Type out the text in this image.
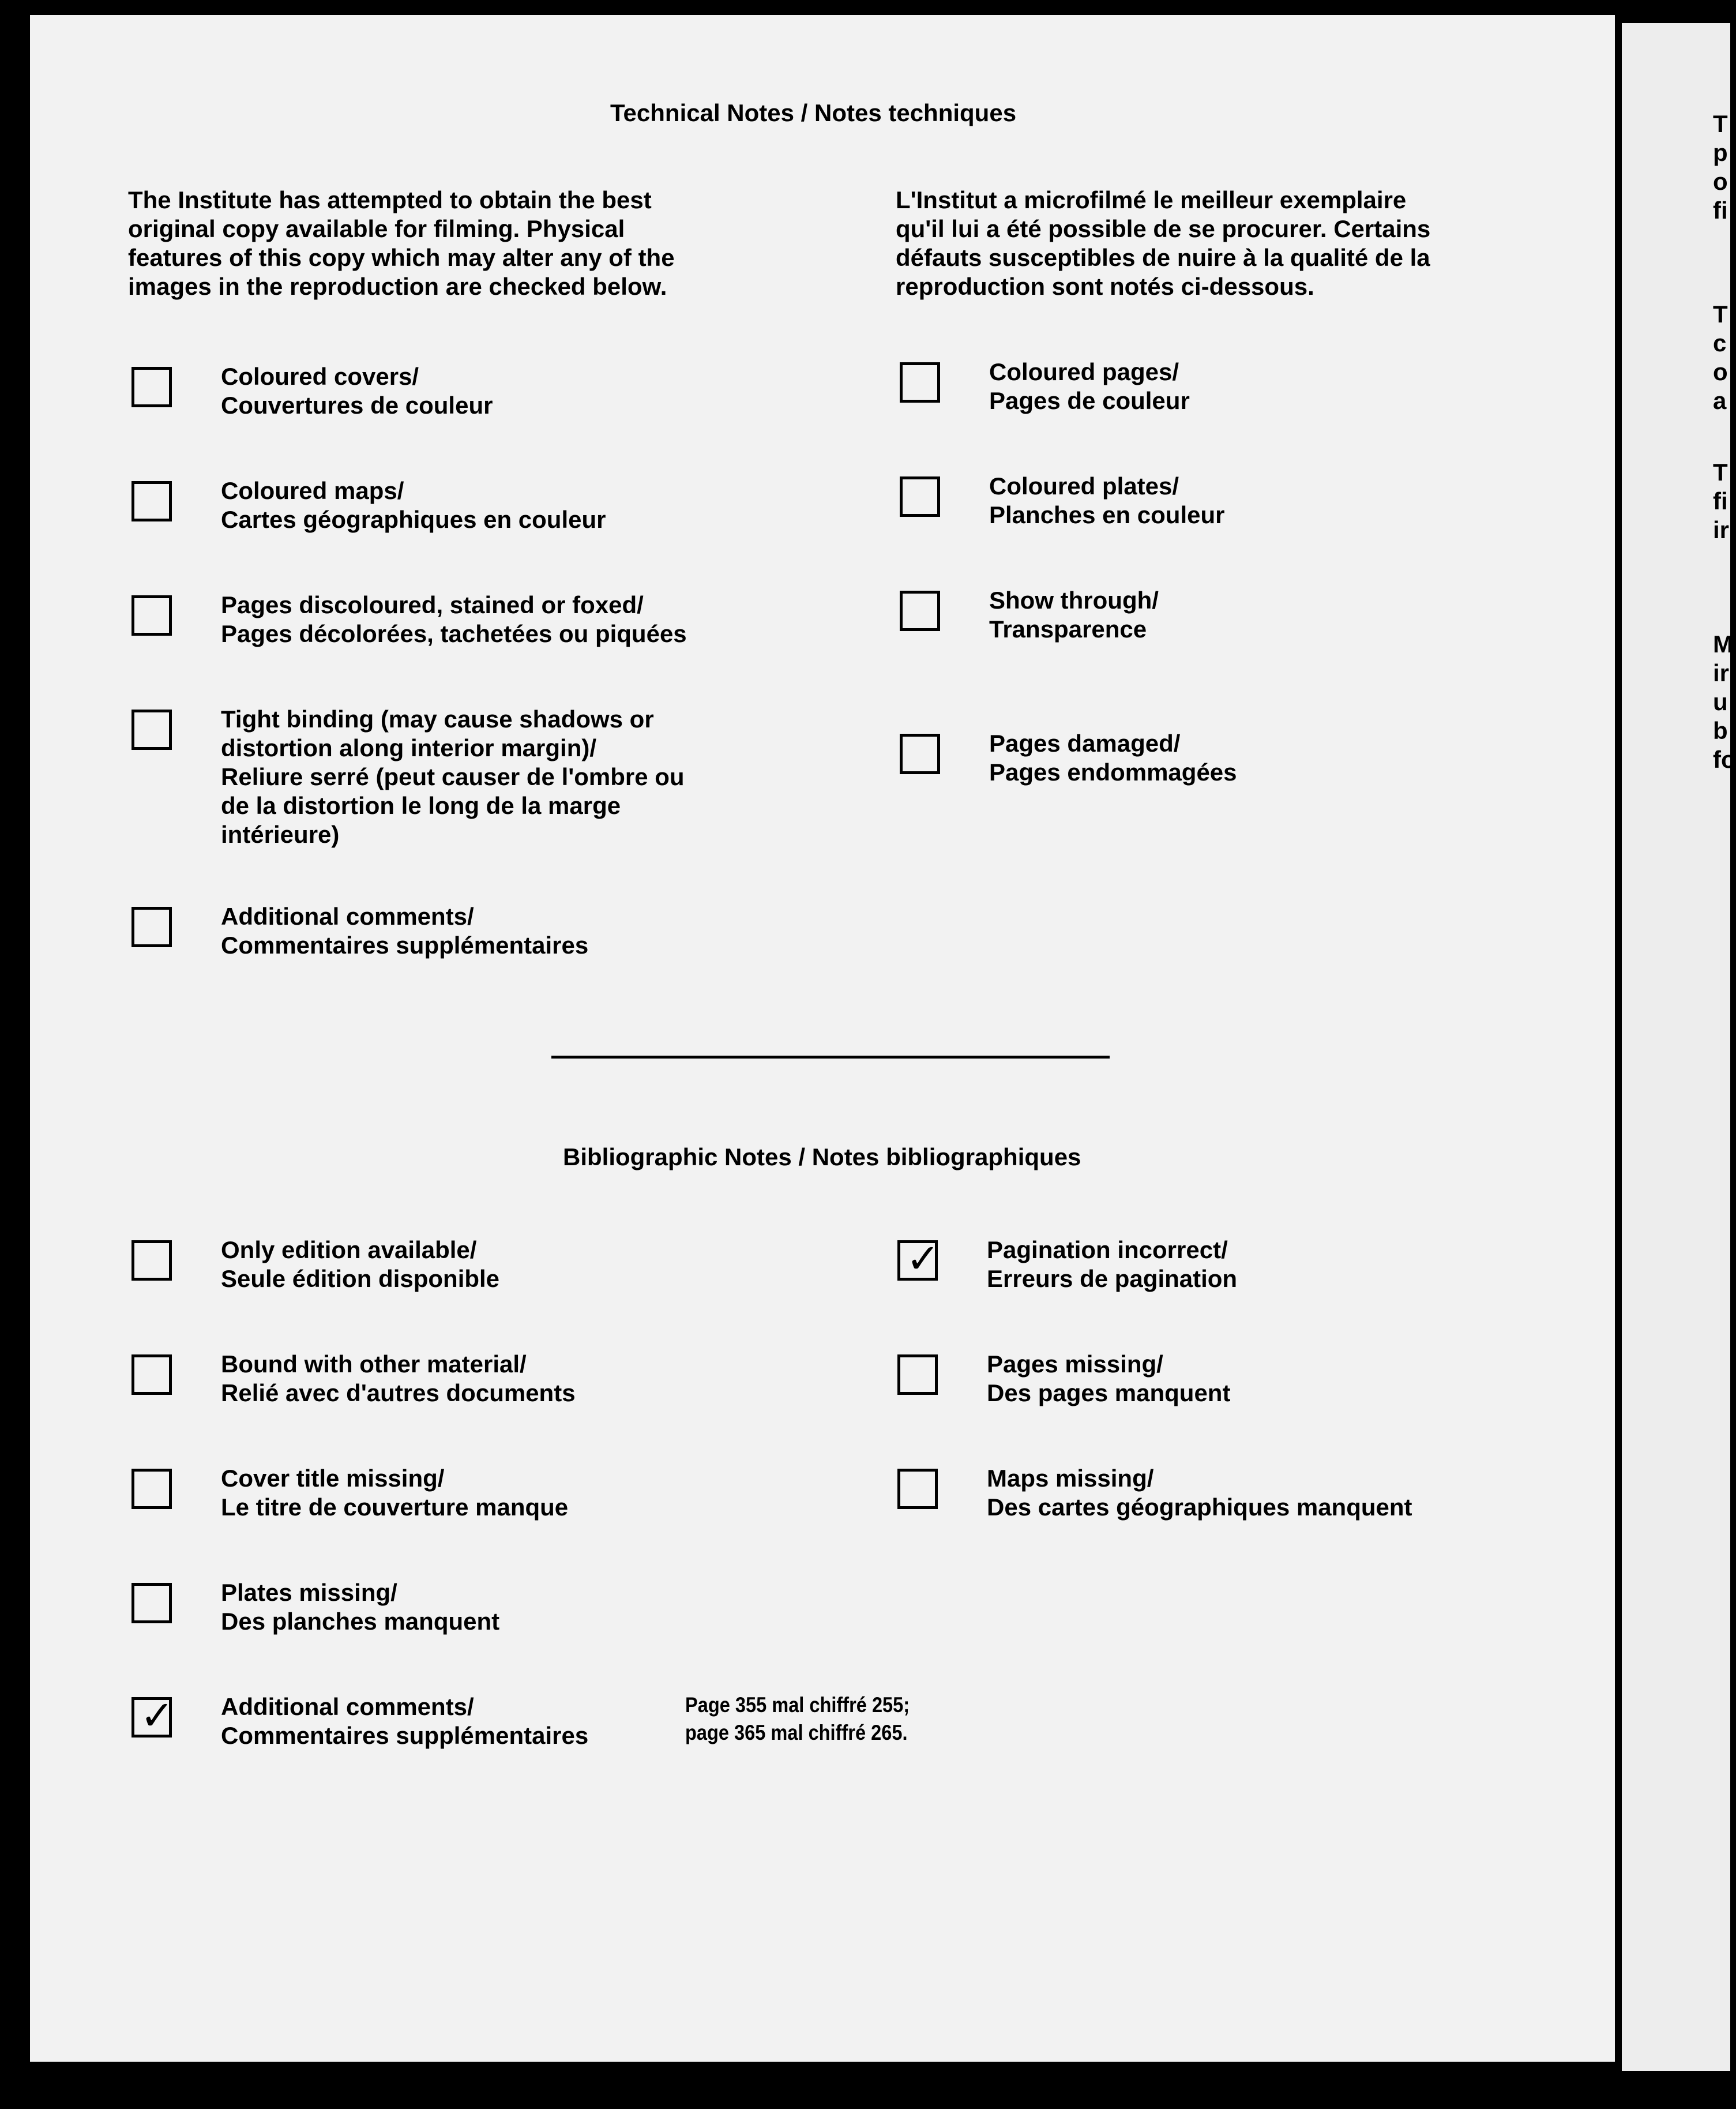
Technical Notes / Notes techniques
The Institute has attempted to obtain the best
original copy available for filming. Physical
features of this copy which may alter any of the
images in the reproduction are checked below.
L'Institut a microfilmé le meilleur exemplaire
qu'il lui a été possible de se procurer. Certains
défauts susceptibles de nuire à la qualité de la
reproduction sont notés ci-dessous.
Coloured covers/
Couvertures de couleur
Coloured maps/
Cartes géographiques en couleur
Pages discoloured, stained or foxed/
Pages décolorées, tachetées ou piquées
Tight binding (may cause shadows or
distortion along interior margin)/
Reliure serré (peut causer de l'ombre ou
de la distortion le long de la marge
intérieure)
Additional comments/
Commentaires supplémentaires
Coloured pages/
Pages de couleur
Coloured plates/
Planches en couleur
Show through/
Transparence
Pages damaged/
Pages endommagées
Bibliographic Notes / Notes bibliographiques
Only edition available/
Seule édition disponible
Bound with other material/
Relié avec d'autres documents
Cover title missing/
Le titre de couverture manque
Plates missing/
Des planches manquent
✓ Additional comments/
Commentaires supplémentaires
Page 355 mal chiffré 255;
page 365 mal chiffré 265.
✓ Pagination incorrect/
Erreurs de pagination
Pages missing/
Des pages manquent
Maps missing/
Des cartes géographiques manquent
T
p
o
fi
T
c
o
a
T
fi
ir
M
ir
u
b
fo
